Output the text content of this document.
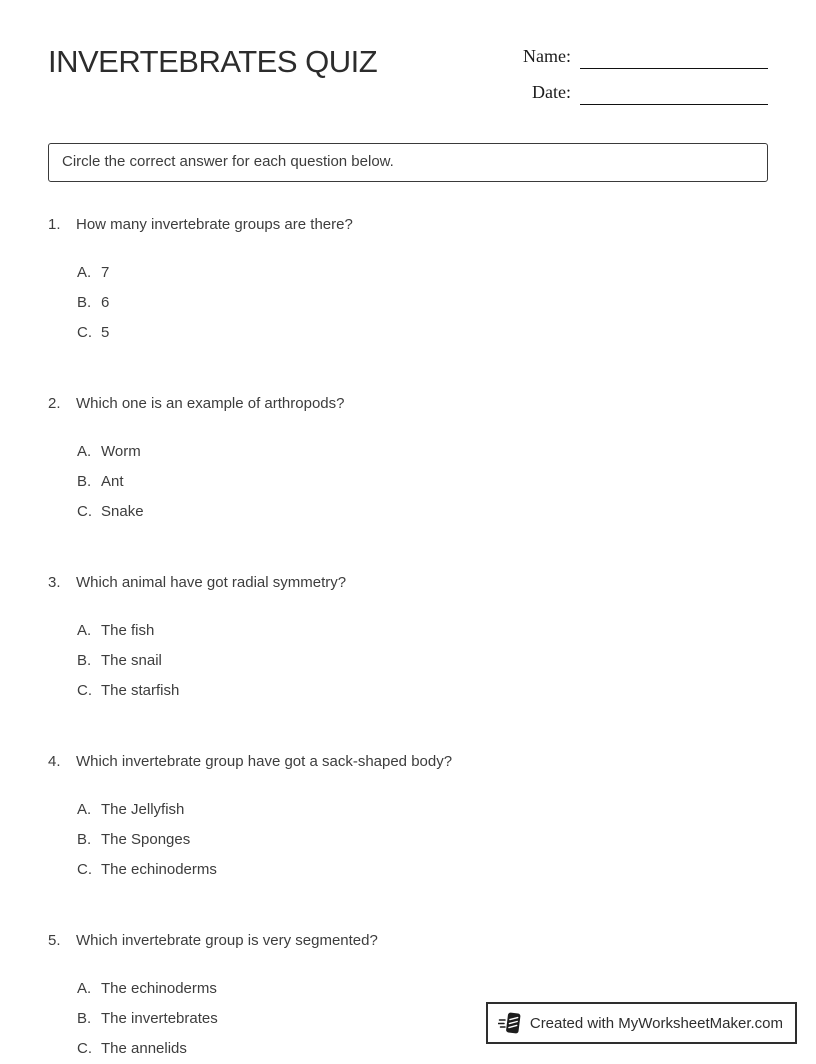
INVERTEBRATES QUIZ	Name:
Date:
Circle the correct answer for each question below.
1.	How many invertebrate groups are there?
A. 7
B. 6
C. 5
2.	Which one is an example of arthropods?
A. Worm
B. Ant
C. Snake
3.	Which animal have got radial symmetry?
A. The fish
B. The snail
C. The starfish
4.	Which invertebrate group have got a sack-shaped body?
A. The Jellyfish
B. The Sponges
C. The echinoderms
5.	Which invertebrate group is very segmented?
A. The echinoderms
B. The invertebrates
C. The annelids
Created with MyWorksheetMaker.com
